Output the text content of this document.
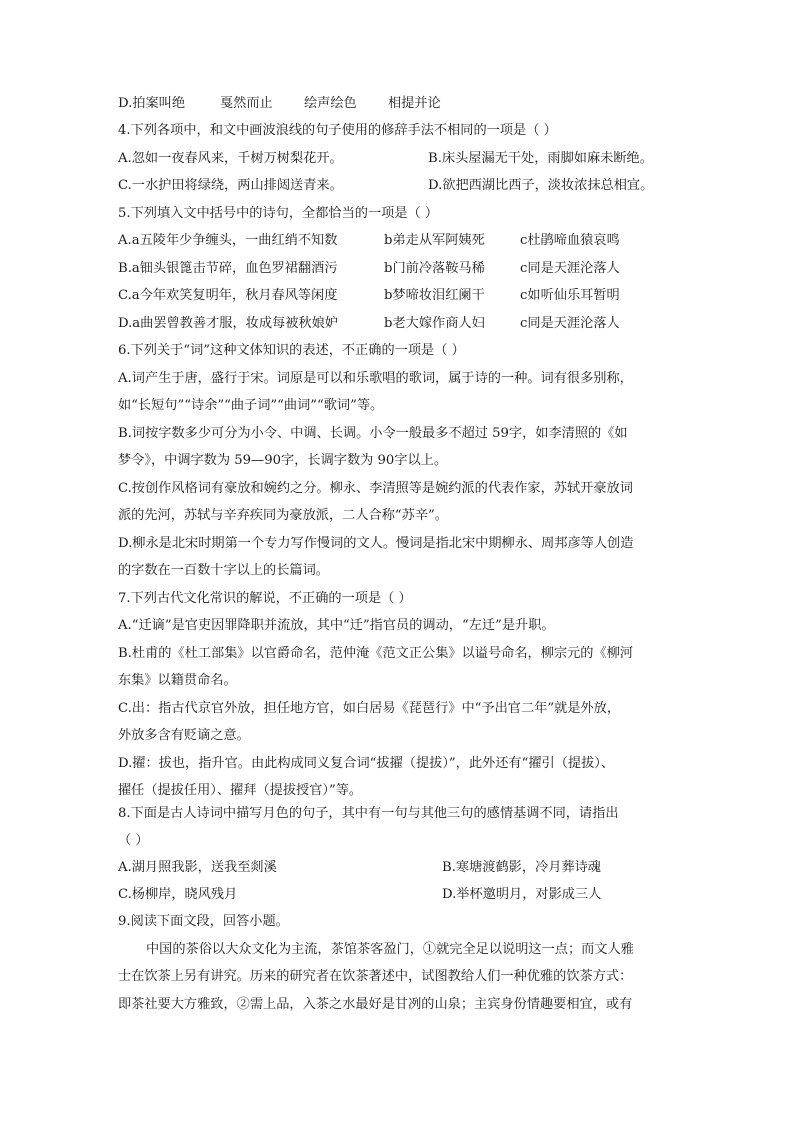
D.拍案叫绝	戛然而止 绘声绘色 相提并论
4.下列各项中，和文中画波浪线的句子使用的修辞手法不相同的一项是（ ）
A.忽如一夜春风来，千树万树梨花开。	B.床头屋漏无干处，雨脚如麻未断绝。
C.一水护田将绿绕，两山排闼送青来。	D.欲把西湖比西子，淡妆浓抹总相宜。
5.下列填入文中括号中的诗句，全都恰当的一项是（ ）
A.a五陵年少争缠头，一曲红绡不知数	b弟走从军阿姨死	c杜鹃啼血猿哀鸣
B.a钿头银篦击节碎，血色罗裙翻酒污	b门前冷落鞍马稀	c同是天涯沦落人
C.a今年欢笑复明年，秋月春风等闲度	b梦啼妆泪红阑干	c如听仙乐耳暂明
D.a曲罢曾教善才服，妆成每被秋娘妒	b老大嫁作商人妇	c同是天涯沦落人
6.下列关于“词”这种文体知识的表述，不正确的一项是（ ）
A.词产生于唐，盛行于宋。词原是可以和乐歌唱的歌词，属于诗的一种。词有很多别称，
如“长短句”“诗余”“曲子词”“曲词”“歌词”等。
B.词按字数多少可分为小令、中调、长调。小令一般最多不超过 59字，如李清照的《如
梦令》，中调字数为 59—90字，长调字数为 90字以上。
C.按创作风格词有豪放和婉约之分。柳永、李清照等是婉约派的代表作家，苏轼开豪放词
派的先河，苏轼与辛弃疾同为豪放派，二人合称“苏辛”。
D.柳永是北宋时期第一个专力写作慢词的文人。慢词是指北宋中期柳永、周邦彦等人创造
的字数在一百数十字以上的长篇词。
7.下列古代文化常识的解说，不正确的一项是（ ）
A.“迁谪”是官吏因罪降职并流放，其中“迁”指官员的调动，“左迁”是升职。
B.杜甫的《杜工部集》以官爵命名，范仲淹《范文正公集》以谥号命名，柳宗元的《柳河
东集》以籍贯命名。
C.出：指古代京官外放，担任地方官，如白居易《琵琶行》中“予出官二年”就是外放，
外放多含有贬谪之意。
D.擢：拔也，指升官。由此构成同义复合词“拔擢（提拔）”，此外还有“擢引（提拔）、
擢任（提拔任用）、擢拜（提拔授官）”等。
8.下面是古人诗词中描写月色的句子，其中有一句与其他三句的感情基调不同，请指出
（ ）
A.湖月照我影，送我至剡溪	B.寒塘渡鹤影，冷月葬诗魂
C.杨柳岸，晓风残月	D.举杯邀明月，对影成三人
9.阅读下面文段，回答小题。
中国的茶俗以大众文化为主流，茶馆茶客盈门，①就完全足以说明这一点；而文人雅
士在饮茶上另有讲究。历来的研究者在饮茶著述中，试图教给人们一种优雅的饮茶方式：
即茶社要大方雅致，②需上品，入茶之水最好是甘冽的山泉；主宾身份情趣要相宜，或有
